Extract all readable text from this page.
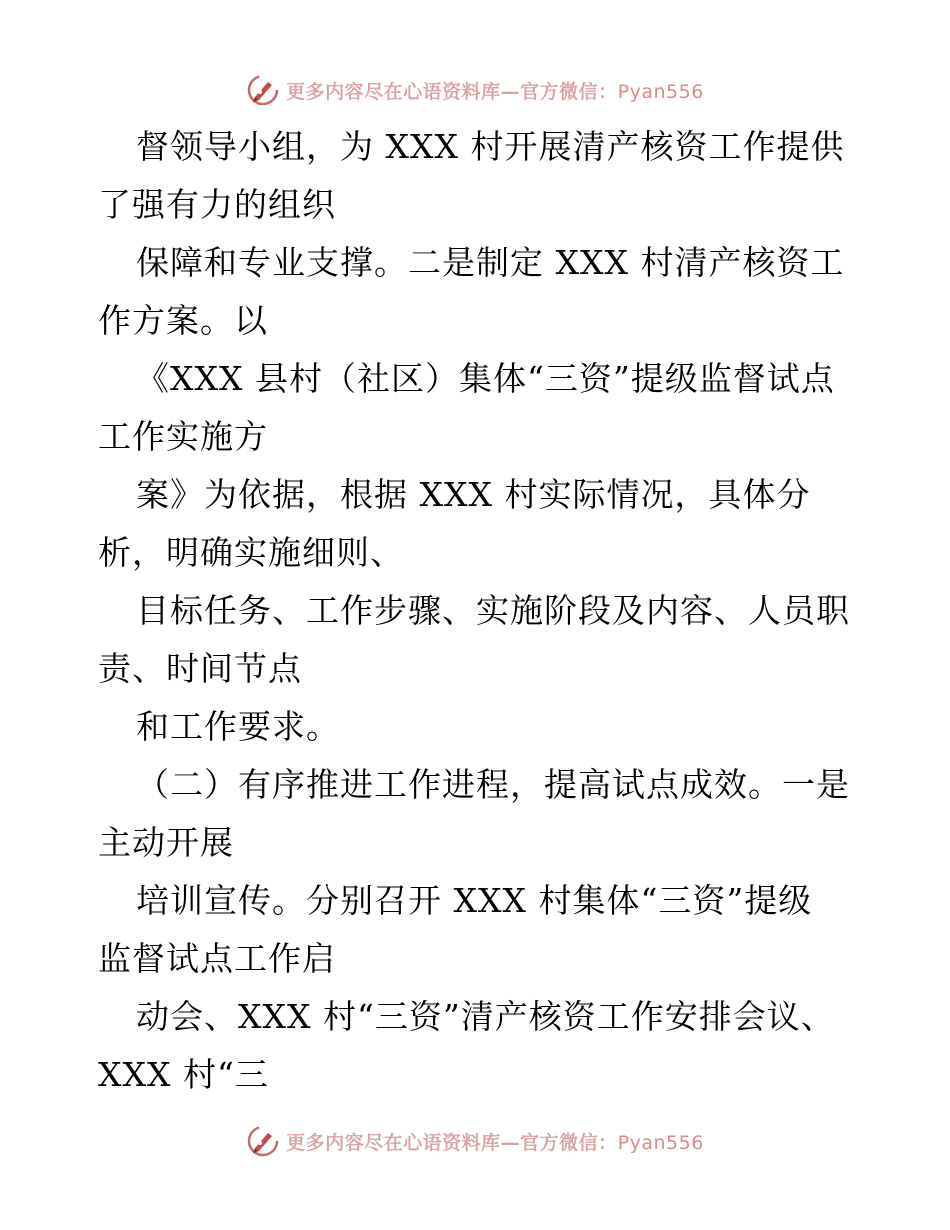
更多内容尽在心语资料库—官方微信：Pyan556
督领导小组，为 XXX 村开展清产核资工作提供
了强有力的组织
保障和专业支撑。二是制定 XXX 村清产核资工
作方案。以
《XXX 县村（社区）集体“三资”提级监督试点
工作实施方
案》为依据，根据 XXX 村实际情况，具体分
析，明确实施细则、
目标任务、工作步骤、实施阶段及内容、人员职
责、时间节点
和工作要求。
（二）有序推进工作进程，提高试点成效。一是
主动开展
培训宣传。分别召开 XXX 村集体“三资”提级
监督试点工作启
动会、XXX 村“三资”清产核资工作安排会议、
XXX 村“三
更多内容尽在心语资料库—官方微信：Pyan556
